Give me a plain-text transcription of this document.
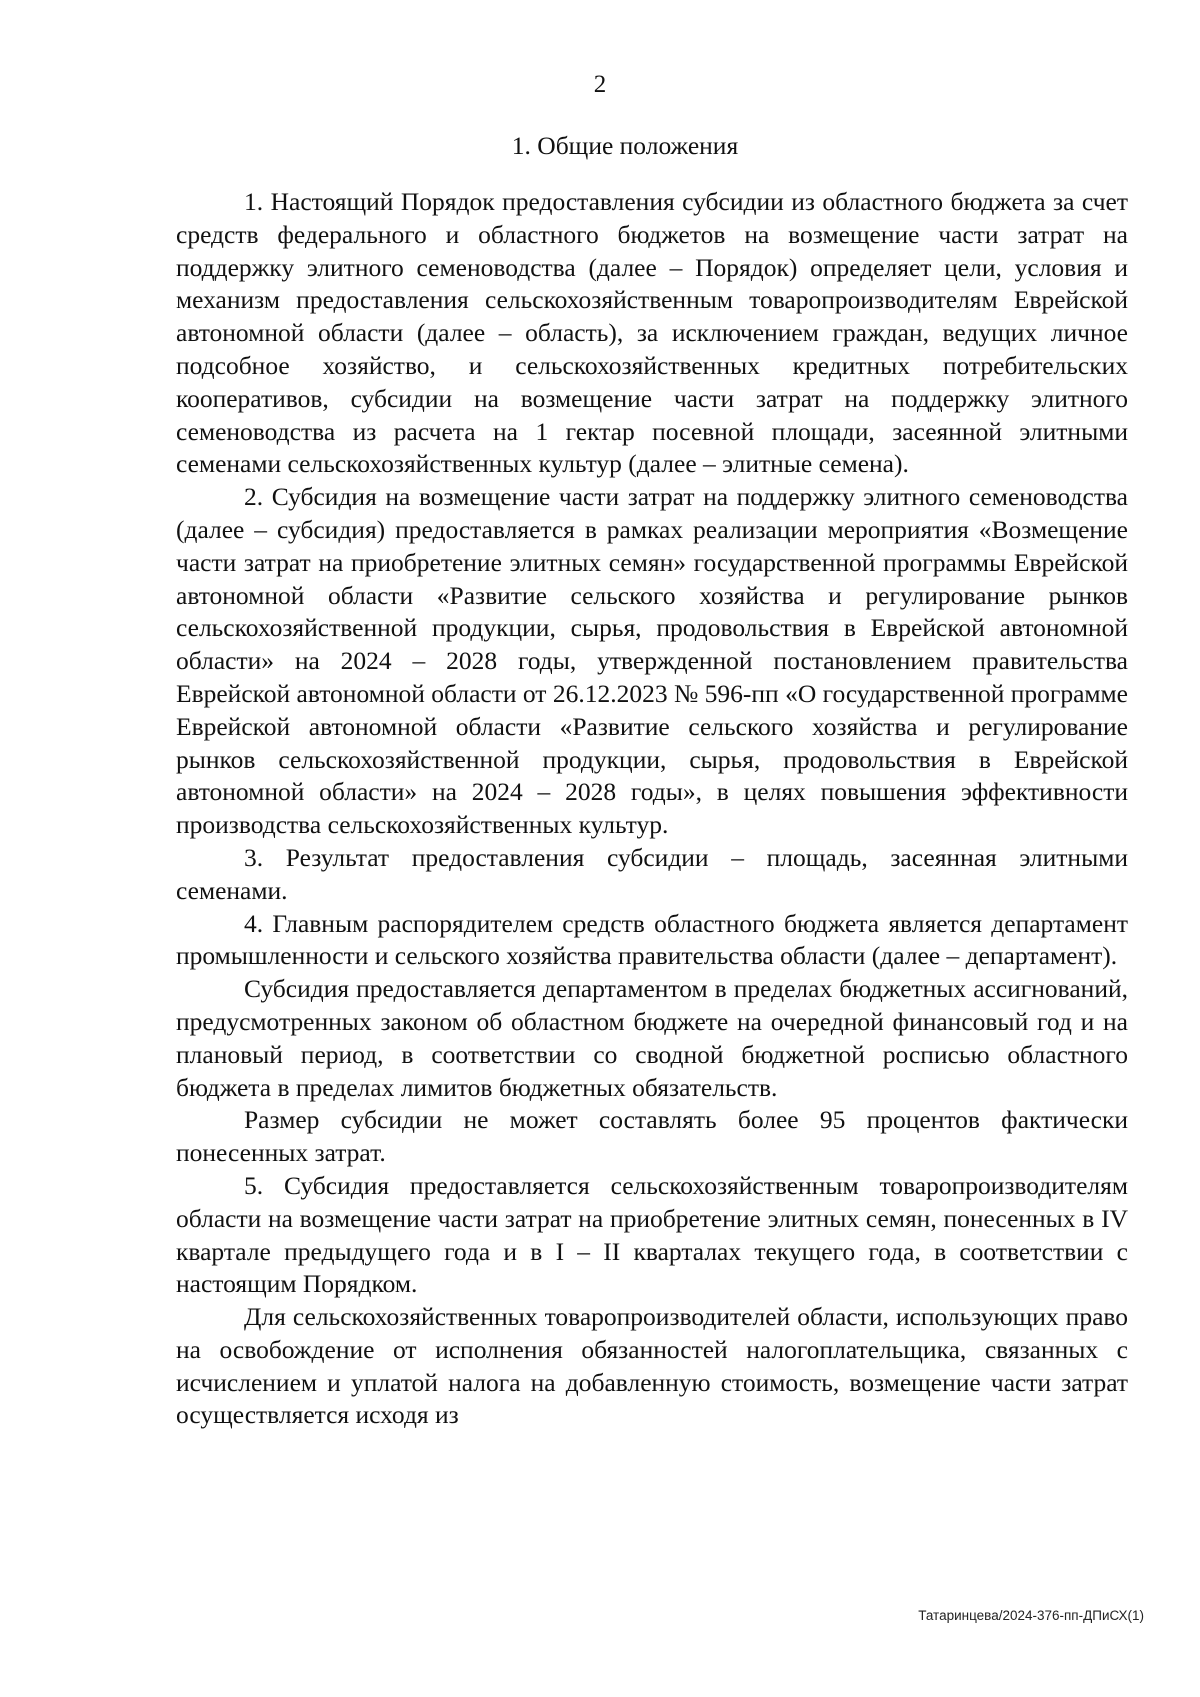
2
1. Общие положения

1. Настоящий Порядок предоставления субсидии из областного бюджета за счет средств федерального и областного бюджетов на возмещение части затрат на поддержку элитного семеноводства (далее – Порядок) определяет цели, условия и механизм предоставления сельскохозяйственным товаропроизводителям Еврейской автономной области (далее – область), за исключением граждан, ведущих личное подсобное хозяйство, и сельскохозяйственных кредитных потребительских кооперативов, субсидии на возмещение части затрат на поддержку элитного семеноводства из расчета на 1 гектар посевной площади, засеянной элитными семенами сельскохозяйственных культур (далее – элитные семена).

2. Субсидия на возмещение части затрат на поддержку элитного семеноводства (далее – субсидия) предоставляется в рамках реализации мероприятия «Возмещение части затрат на приобретение элитных семян» государственной программы Еврейской автономной области «Развитие сельского хозяйства и регулирование рынков сельскохозяйственной продукции, сырья, продовольствия в Еврейской автономной области» на 2024 – 2028 годы, утвержденной постановлением правительства Еврейской автономной области от 26.12.2023 № 596-пп «О государственной программе Еврейской автономной области «Развитие сельского хозяйства и регулирование рынков сельскохозяйственной продукции, сырья, продовольствия в Еврейской автономной области» на 2024 – 2028 годы», в целях повышения эффективности производства сельскохозяйственных культур.

3. Результат предоставления субсидии – площадь, засеянная элитными семенами.

4. Главным распорядителем средств областного бюджета является департамент промышленности и сельского хозяйства правительства области (далее – департамент).

Субсидия предоставляется департаментом в пределах бюджетных ассигнований, предусмотренных законом об областном бюджете на очередной финансовый год и на плановый период, в соответствии со сводной бюджетной росписью областного бюджета в пределах лимитов бюджетных обязательств.

Размер субсидии не может составлять более 95 процентов фактически понесенных затрат.

5. Субсидия предоставляется сельскохозяйственным товаропроизводителям области на возмещение части затрат на приобретение элитных семян, понесенных в IV квартале предыдущего года и в I – II кварталах текущего года, в соответствии с настоящим Порядком.

Для сельскохозяйственных товаропроизводителей области, использующих право на освобождение от исполнения обязанностей налогоплательщика, связанных с исчислением и уплатой налога на добавленную стоимость, возмещение части затрат осуществляется исходя из

Татаринцева/2024-376-пп-ДПиСХ(1)
